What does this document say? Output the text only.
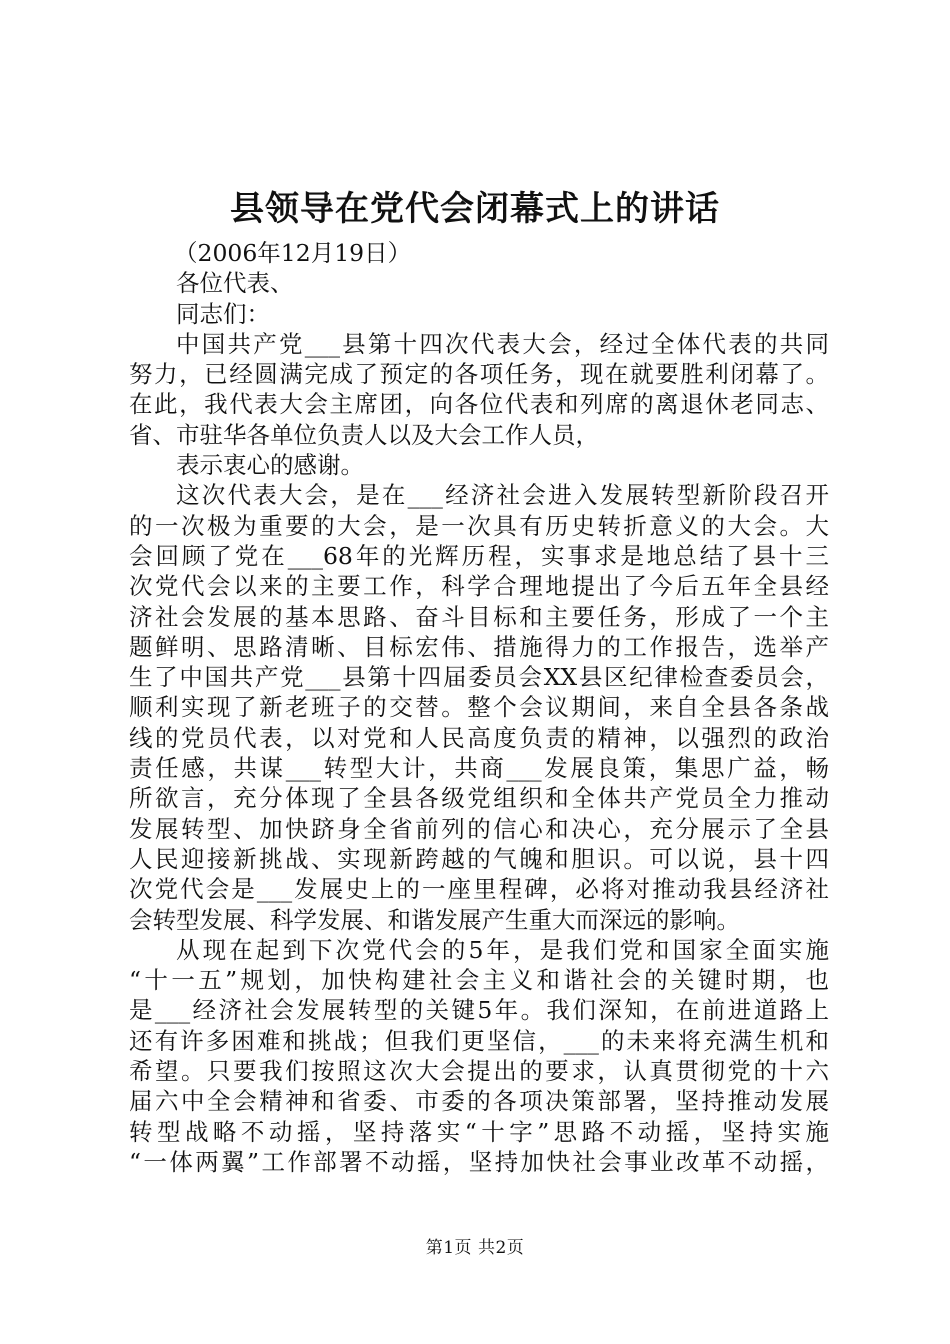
县领导在党代会闭幕式上的讲话
（2006年12月19日）
各位代表、
同志们：
中国共产党___县第十四次代表大会，经过全体代表的共同
努力，已经圆满完成了预定的各项任务，现在就要胜利闭幕了。
在此，我代表大会主席团，向各位代表和列席的离退休老同志、
省、市驻华各单位负责人以及大会工作人员，
表示衷心的感谢。
这次代表大会，是在___经济社会进入发展转型新阶段召开
的一次极为重要的大会，是一次具有历史转折意义的大会。大
会回顾了党在___68年的光辉历程，实事求是地总结了县十三
次党代会以来的主要工作，科学合理地提出了今后五年全县经
济社会发展的基本思路、奋斗目标和主要任务，形成了一个主
题鲜明、思路清晰、目标宏伟、措施得力的工作报告，选举产
生了中国共产党___县第十四届委员会XX县区纪律检查委员会，
顺利实现了新老班子的交替。整个会议期间，来自全县各条战
线的党员代表，以对党和人民高度负责的精神，以强烈的政治
责任感，共谋___转型大计，共商___发展良策，集思广益，畅
所欲言，充分体现了全县各级党组织和全体共产党员全力推动
发展转型、加快跻身全省前列的信心和决心，充分展示了全县
人民迎接新挑战、实现新跨越的气魄和胆识。可以说，县十四
次党代会是___发展史上的一座里程碑，必将对推动我县经济社
会转型发展、科学发展、和谐发展产生重大而深远的影响。
从现在起到下次党代会的5年，是我们党和国家全面实施
“十一五”规划，加快构建社会主义和谐社会的关键时期，也
是___经济社会发展转型的关键5年。我们深知，在前进道路上
还有许多困难和挑战；但我们更坚信，___的未来将充满生机和
希望。只要我们按照这次大会提出的要求，认真贯彻党的十六
届六中全会精神和省委、市委的各项决策部署，坚持推动发展
转型战略不动摇，坚持落实“十字”思路不动摇，坚持实施
“一体两翼”工作部署不动摇，坚持加快社会事业改革不动摇，
第1页 共2页
